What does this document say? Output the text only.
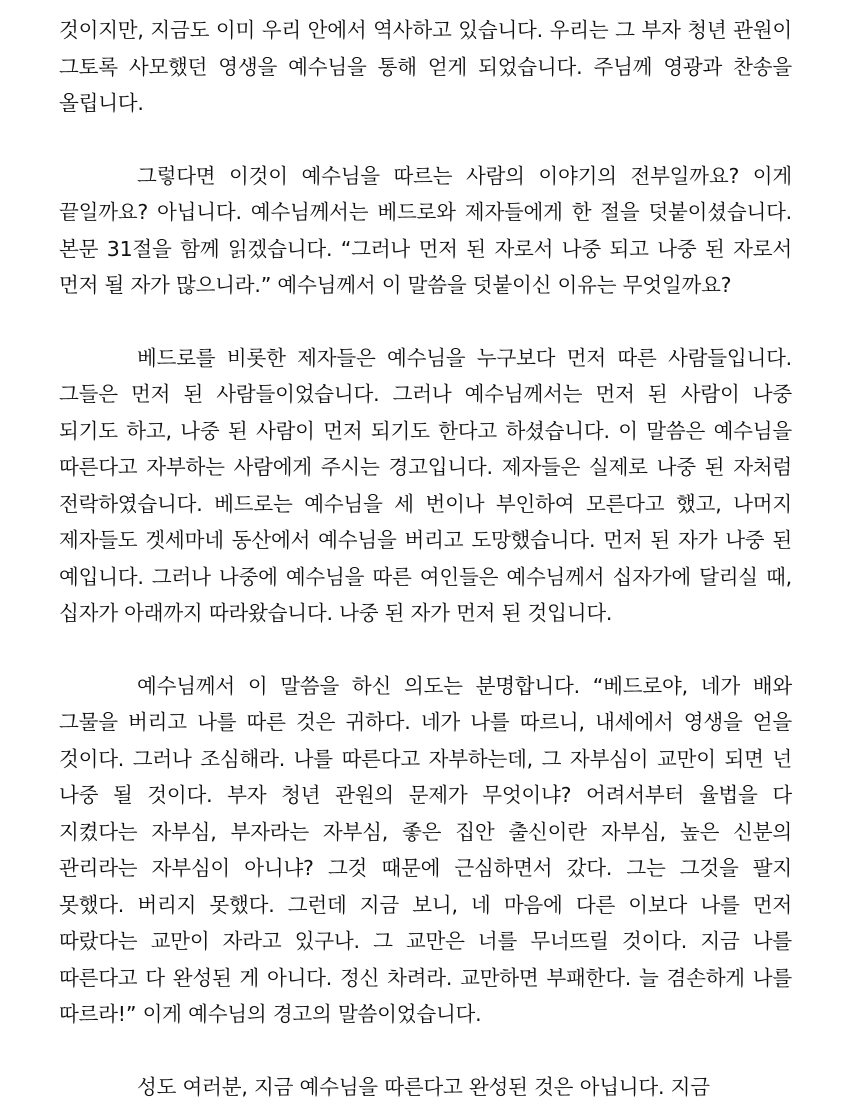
것이지만, 지금도 이미 우리 안에서 역사하고 있습니다. 우리는 그 부자 청년 관원이 그토록 사모했던 영생을 예수님을 통해 얻게 되었습니다. 주님께 영광과 찬송을 올립니다.

그렇다면 이것이 예수님을 따르는 사람의 이야기의 전부일까요? 이게 끝일까요? 아닙니다. 예수님께서는 베드로와 제자들에게 한 절을 덧붙이셨습니다. 본문 31절을 함께 읽겠습니다. “그러나 먼저 된 자로서 나중 되고 나중 된 자로서 먼저 될 자가 많으니라.” 예수님께서 이 말씀을 덧붙이신 이유는 무엇일까요?

베드로를 비롯한 제자들은 예수님을 누구보다 먼저 따른 사람들입니다. 그들은 먼저 된 사람들이었습니다. 그러나 예수님께서는 먼저 된 사람이 나중 되기도 하고, 나중 된 사람이 먼저 되기도 한다고 하셨습니다. 이 말씀은 예수님을 따른다고 자부하는 사람에게 주시는 경고입니다. 제자들은 실제로 나중 된 자처럼 전락하였습니다. 베드로는 예수님을 세 번이나 부인하여 모른다고 했고, 나머지 제자들도 겟세마네 동산에서 예수님을 버리고 도망했습니다. 먼저 된 자가 나중 된 예입니다. 그러나 나중에 예수님을 따른 여인들은 예수님께서 십자가에 달리실 때, 십자가 아래까지 따라왔습니다. 나중 된 자가 먼저 된 것입니다.

예수님께서 이 말씀을 하신 의도는 분명합니다. “베드로야, 네가 배와 그물을 버리고 나를 따른 것은 귀하다. 네가 나를 따르니, 내세에서 영생을 얻을 것이다. 그러나 조심해라. 나를 따른다고 자부하는데, 그 자부심이 교만이 되면 넌 나중 될 것이다. 부자 청년 관원의 문제가 무엇이냐? 어려서부터 율법을 다 지켰다는 자부심, 부자라는 자부심, 좋은 집안 출신이란 자부심, 높은 신분의 관리라는 자부심이 아니냐? 그것 때문에 근심하면서 갔다. 그는 그것을 팔지 못했다. 버리지 못했다. 그런데 지금 보니, 네 마음에 다른 이보다 나를 먼저 따랐다는 교만이 자라고 있구나. 그 교만은 너를 무너뜨릴 것이다. 지금 나를 따른다고 다 완성된 게 아니다. 정신 차려라. 교만하면 부패한다. 늘 겸손하게 나를 따르라!” 이게 예수님의 경고의 말씀이었습니다.

성도 여러분, 지금 예수님을 따른다고 완성된 것은 아닙니다. 지금
